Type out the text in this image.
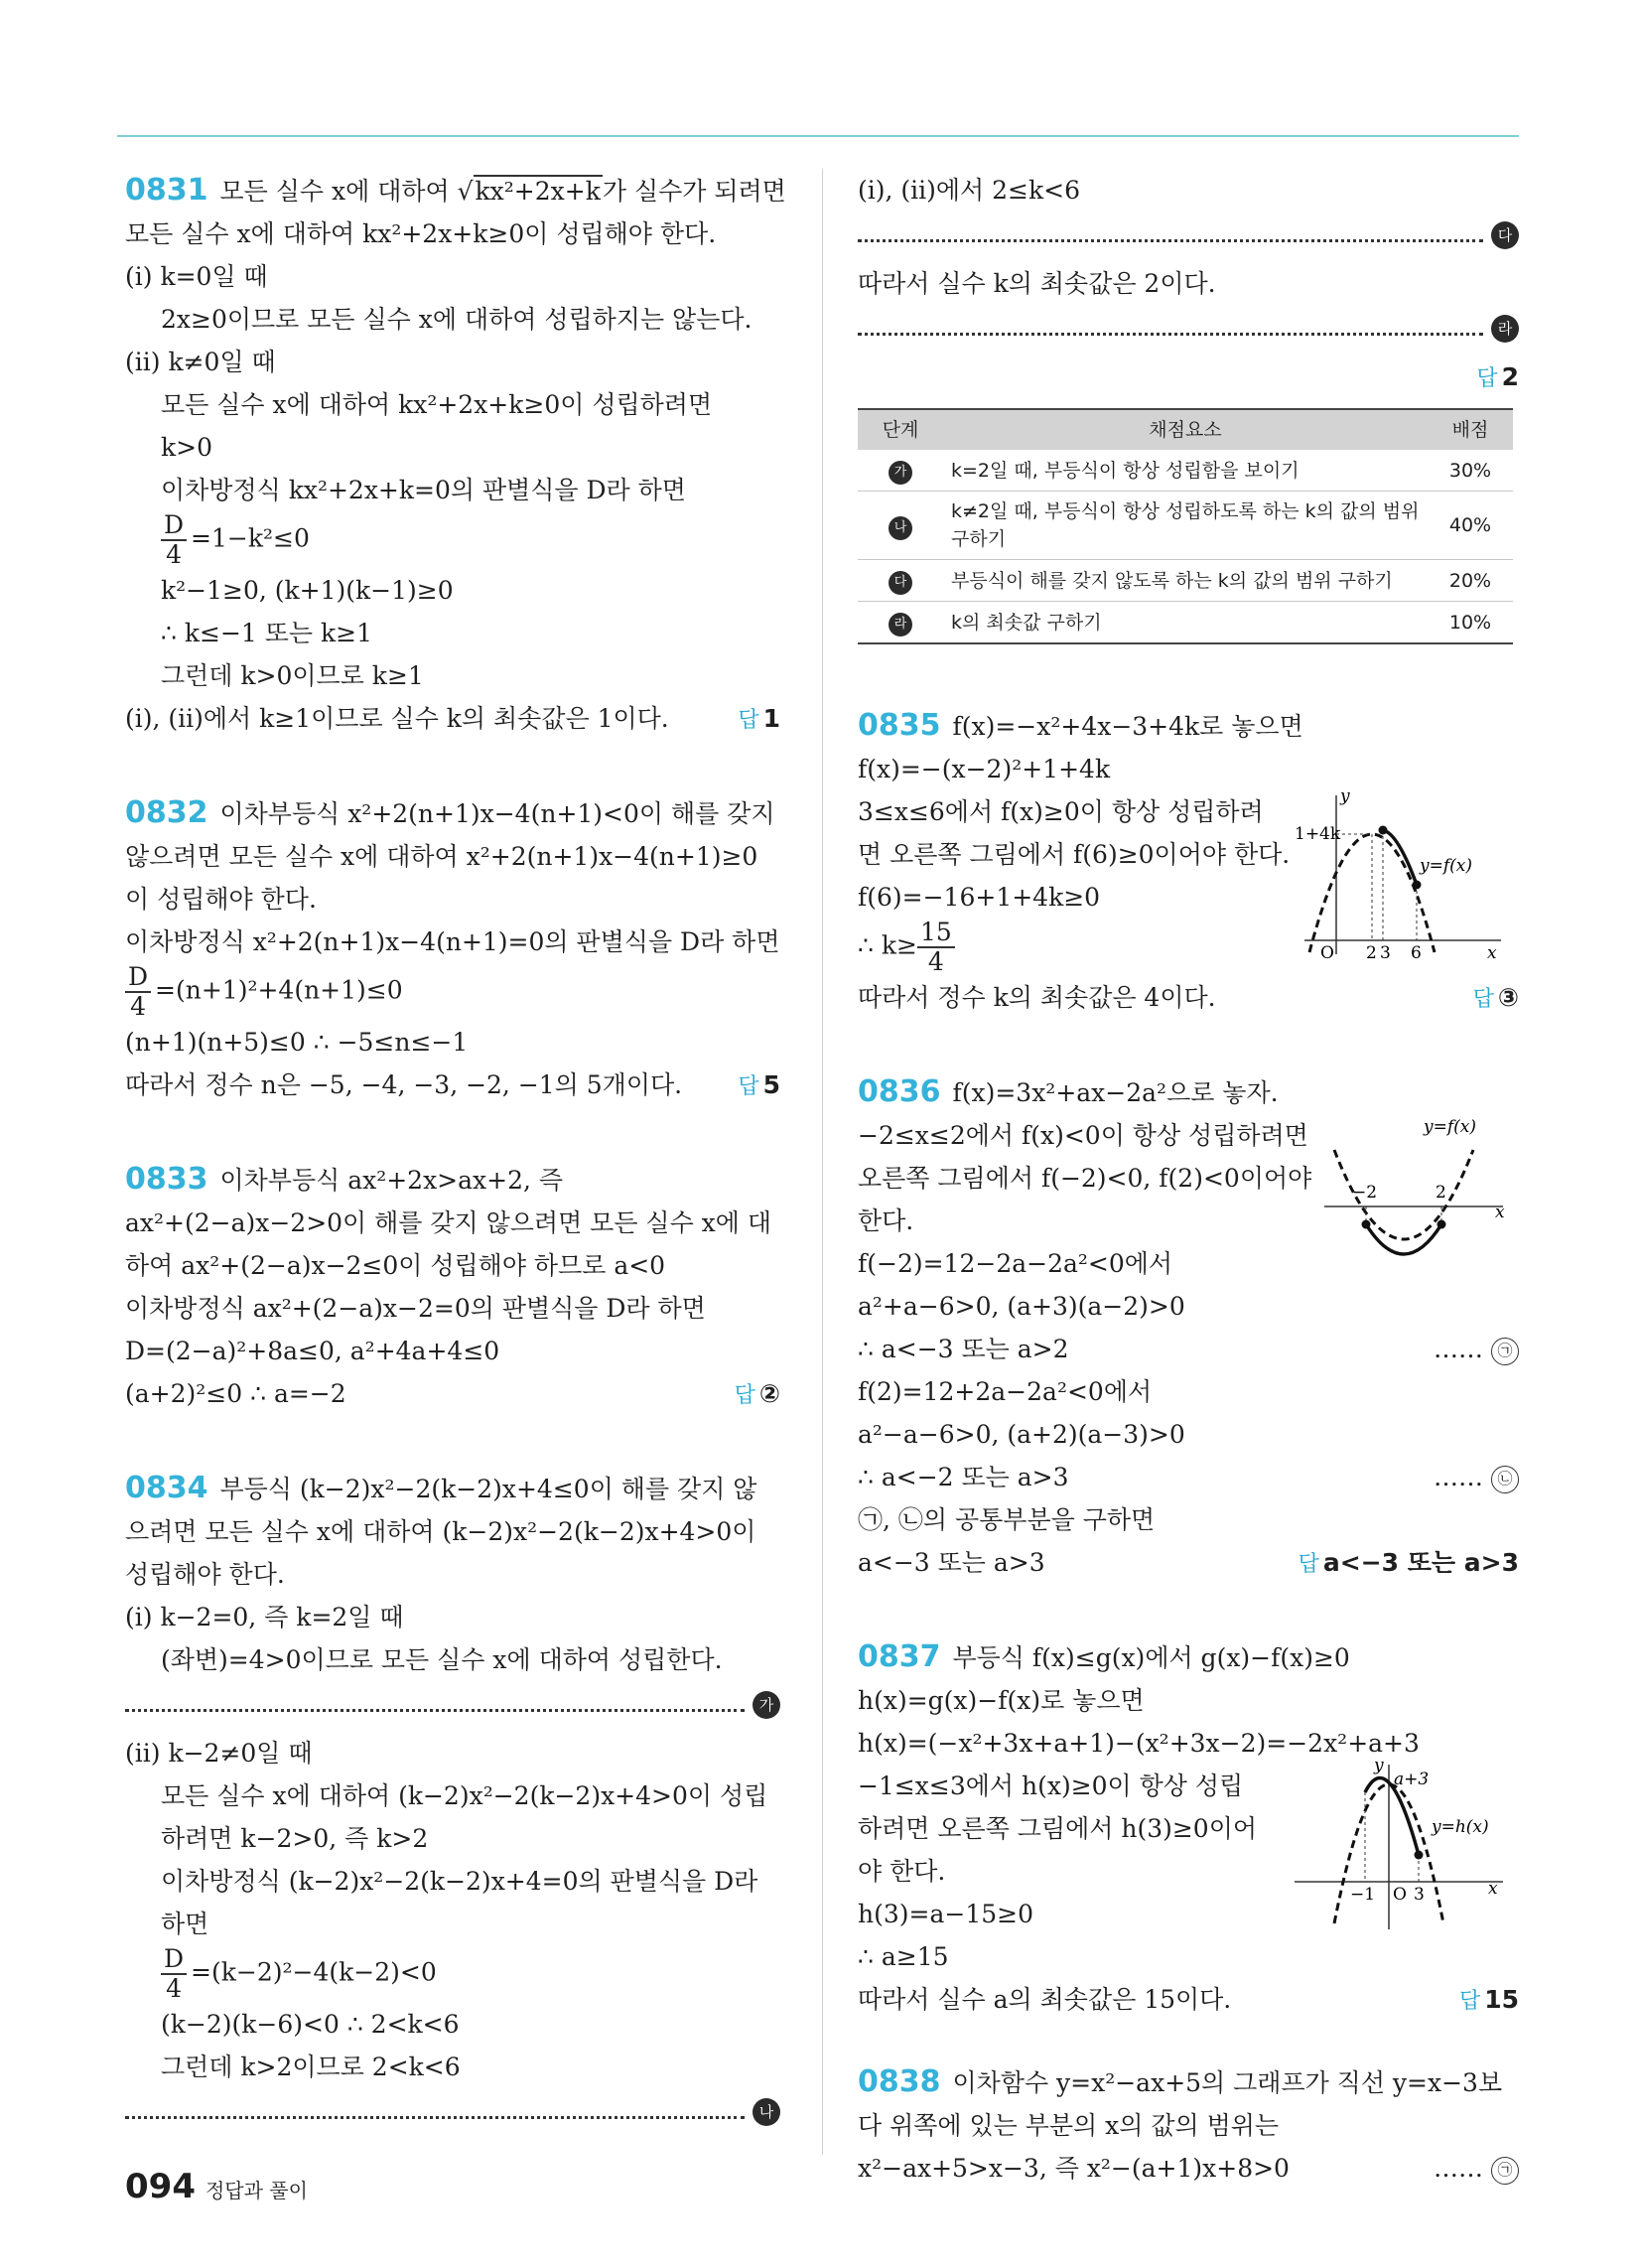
0831 모든 실수 x에 대하여 √kx²+2x+k가 실수가 되려면
모든 실수 x에 대하여 kx²+2x+k≥0이 성립해야 한다.
(i) k=0일 때
2x≥0이므로 모든 실수 x에 대하여 성립하지는 않는다.
(ii) k≠0일 때
모든 실수 x에 대하여 kx²+2x+k≥0이 성립하려면
k>0
이차방정식 kx²+2x+k=0의 판별식을 D라 하면
$\frac{D}{4} =1-k^2\le 0$
k²−1≥0, (k+1)(k−1)≥0
∴ k≤−1 또는 k≥1
그런데 k>0이므로 k≥1
(i), (ii)에서 k≥1이므로 실수 k의 최솟값은 1이다.	답 1
0832 이차부등식 x²+2(n+1)x−4(n+1)<0이 해를 갖지
않으려면 모든 실수 x에 대하여 x²+2(n+1)x−4(n+1)≥0
이 성립해야 한다.
이차방정식 x²+2(n+1)x−4(n+1)=0의 판별식을 D라 하면
$\frac{D}{4} =(n+1)^2+4(n+1)\le 0$
(n+1)(n+5)≤0 ∴ −5≤n≤−1
따라서 정수 n은 −5, −4, −3, −2, −1의 5개이다.	답 5
0833 이차부등식 ax²+2x>ax+2, 즉
ax²+(2−a)x−2>0이 해를 갖지 않으려면 모든 실수 x에 대
하여 ax²+(2−a)x−2≤0이 성립해야 하므로 a<0
이차방정식 ax²+(2−a)x−2=0의 판별식을 D라 하면
D=(2−a)²+8a≤0, a²+4a+4≤0
(a+2)²≤0 ∴ a=−2	답 ②
0834 부등식 (k−2)x²−2(k−2)x+4≤0이 해를 갖지 않
으려면 모든 실수 x에 대하여 (k−2)x²−2(k−2)x+4>0이
성립해야 한다.
(i) k−2=0, 즉 k=2일 때
(좌변)=4>0이므로 모든 실수 x에 대하여 성립한다.
가
(ii) k−2≠0일 때
모든 실수 x에 대하여 (k−2)x²−2(k−2)x+4>0이 성립
하려면 k−2>0, 즉 k>2
이차방정식 (k−2)x²−2(k−2)x+4=0의 판별식을 D라
하면
$\frac{D}{4} =(k-2)^2-4(k-2)<0$
(k−2)(k−6)<0 ∴ 2<k<6
그런데 k>2이므로 2<k<6
나
(i), (ii)에서 2≤k<6
다
따라서 실수 k의 최솟값은 2이다.
라
답 2
단계	채점요소	배점
가	k=2일 때, 부등식이 항상 성립함을 보이기	30%
나	k≠2일 때, 부등식이 항상 성립하도록 하는 k의 값의 범위 구하기	40%
다	부등식이 해를 갖지 않도록 하는 k의 값의 범위 구하기	20%
라	k의 최솟값 구하기	10%
y
x
1+4k
y=f(x)
O 2 3 6
0835 f(x)=−x²+4x−3+4k로 놓으면
f(x)=−(x−2)²+1+4k
3≤x≤6에서 f(x)≥0이 항상 성립하려
면 오른쪽 그림에서 f(6)≥0이어야 한다.
f(6)=−16+1+4k≥0
∴ $k\ge \frac{15}{4}$
따라서 정수 k의 최솟값은 4이다.	답 ③
y=f(x)
x
−2	2
0836 f(x)=3x²+ax−2a²으로 놓자.
−2≤x≤2에서 f(x)<0이 항상 성립하려면
오른쪽 그림에서 f(−2)<0, f(2)<0이어야
한다.
f(−2)=12−2a−2a²<0에서
a²+a−6>0, (a+3)(a−2)>0
∴ a<−3 또는 a>2	…… ㉠
f(2)=12+2a−2a²<0에서
a²−a−6>0, (a+2)(a−3)>0
∴ a<−2 또는 a>3	…… ㉡
㉠, ㉡의 공통부분을 구하면
a<−3 또는 a>3	답 a<−3 또는 a>3
y
a+3
y=h(x)
x
−1 O 3
0837 부등식 f(x)≤g(x)에서 g(x)−f(x)≥0
h(x)=g(x)−f(x)로 놓으면
h(x)=(−x²+3x+a+1)−(x²+3x−2)=−2x²+a+3
−1≤x≤3에서 h(x)≥0이 항상 성립
하려면 오른쪽 그림에서 h(3)≥0이어
야 한다.
h(3)=a−15≥0
∴ a≥15
따라서 실수 a의 최솟값은 15이다.	답 15
0838 이차함수 y=x²−ax+5의 그래프가 직선 y=x−3보
다 위쪽에 있는 부분의 x의 값의 범위는
x²−ax+5>x−3, 즉 x²−(a+1)x+8>0	…… ㉠
094 정답과 풀이
